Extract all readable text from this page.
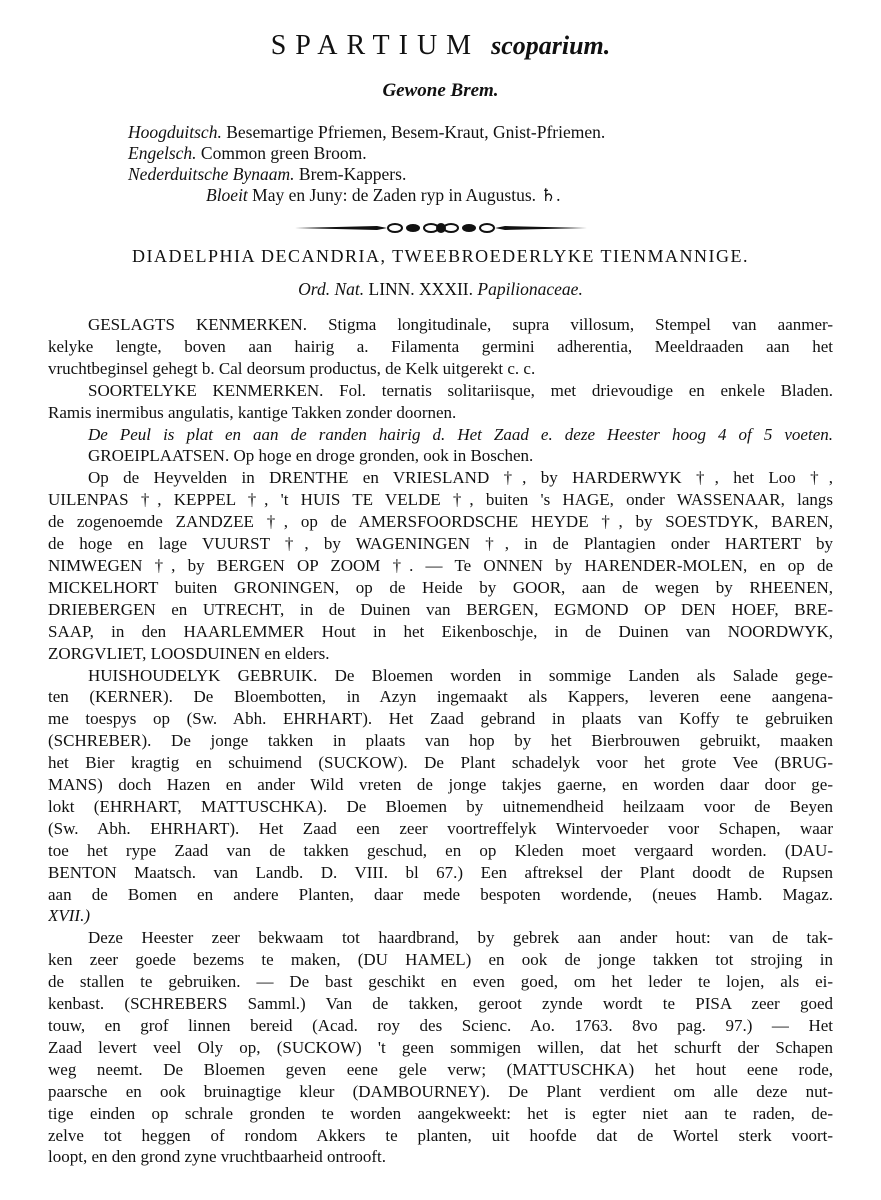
SPARTIUM scoparium.
Gewone Brem.
Hoogduitsch. Besemartige Pfriemen, Besem-Kraut, Gnist-Pfriemen.
Engelsch. Common green Broom.
Nederduitsche Bynaam. Brem-Kappers.
Bloeit May en Juny: de Zaden ryp in Augustus. ♄.
DIADELPHIA DECANDRIA, TWEEBROEDERLYKE TIENMANNIGE.
Ord. Nat. LINN. XXXII. Papilionaceae.
GESLAGTS KENMERKEN. Stigma longitudinale, supra villosum, Stempel van aanmer-
kelyke lengte, boven aan hairig a. Filamenta germini adherentia, Meeldraaden aan het
vruchtbeginsel gehegt b. Cal deorsum productus, de Kelk uitgerekt c. c.
SOORTELYKE KENMERKEN. Fol. ternatis solitariisque, met drievoudige en enkele Bladen.
Ramis inermibus angulatis, kantige Takken zonder doornen.
De Peul is plat en aan de randen hairig d. Het Zaad e. deze Heester hoog 4 of 5 voeten.
GROEIPLAATSEN. Op hoge en droge gronden, ook in Boschen.
Op de Heyvelden in DRENTHE en VRIESLAND †, by HARDERWYK †, het Loo †,
UILENPAS †, KEPPEL †, 't HUIS TE VELDE †, buiten 's HAGE, onder WASSENAAR, langs
de zogenoemde ZANDZEE †, op de AMERSFOORDSCHE HEYDE †, by SOESTDYK, BAREN,
de hoge en lage VUURST †, by WAGENINGEN †, in de Plantagien onder HARTERT by
NIMWEGEN †, by BERGEN OP ZOOM †. — Te ONNEN by HARENDER-MOLEN, en op de
MICKELHORT buiten GRONINGEN, op de Heide by GOOR, aan de wegen by RHEENEN,
DRIEBERGEN en UTRECHT, in de Duinen van BERGEN, EGMOND OP DEN HOEF, BRE-
SAAP, in den HAARLEMMER Hout in het Eikenboschje, in de Duinen van NOORDWYK,
ZORGVLIET, LOOSDUINEN en elders.
HUISHOUDELYK GEBRUIK. De Bloemen worden in sommige Landen als Salade gege-
ten (KERNER). De Bloembotten, in Azyn ingemaakt als Kappers, leveren eene aangena-
me toespys op (Sw. Abh. EHRHART). Het Zaad gebrand in plaats van Koffy te gebruiken
(SCHREBER). De jonge takken in plaats van hop by het Bierbrouwen gebruikt, maaken
het Bier kragtig en schuimend (SUCKOW). De Plant schadelyk voor het grote Vee (BRUG-
MANS) doch Hazen en ander Wild vreten de jonge takjes gaerne, en worden daar door ge-
lokt (EHRHART, MATTUSCHKA). De Bloemen by uitnemendheid heilzaam voor de Beyen
(Sw. Abh. EHRHART). Het Zaad een zeer voortreffelyk Wintervoeder voor Schapen, waar
toe het rype Zaad van de takken geschud, en op Kleden moet vergaard worden. (DAU-
BENTON Maatsch. van Landb. D. VIII. bl 67.) Een aftreksel der Plant doodt de Rupsen
aan de Bomen en andere Planten, daar mede bespoten wordende, (neues Hamb. Magaz.
XVII.)
Deze Heester zeer bekwaam tot haardbrand, by gebrek aan ander hout: van de tak-
ken zeer goede bezems te maken, (DU HAMEL) en ook de jonge takken tot strojing in
de stallen te gebruiken. — De bast geschikt en even goed, om het leder te lojen, als ei-
kenbast. (SCHREBERS Samml.) Van de takken, geroot zynde wordt te PISA zeer goed
touw, en grof linnen bereid (Acad. roy des Scienc. Ao. 1763. 8vo pag. 97.) — Het
Zaad levert veel Oly op, (SUCKOW) 't geen sommigen willen, dat het schurft der Schapen
weg neemt. De Bloemen geven eene gele verw; (MATTUSCHKA) het hout eene rode,
paarsche en ook bruinagtige kleur (DAMBOURNEY). De Plant verdient om alle deze nut-
tige einden op schrale gronden te worden aangekweekt: het is egter niet aan te raden, de-
zelve tot heggen of rondom Akkers te planten, uit hoofde dat de Wortel sterk voort-
loopt, en den grond zyne vruchtbaarheid ontrooft.
